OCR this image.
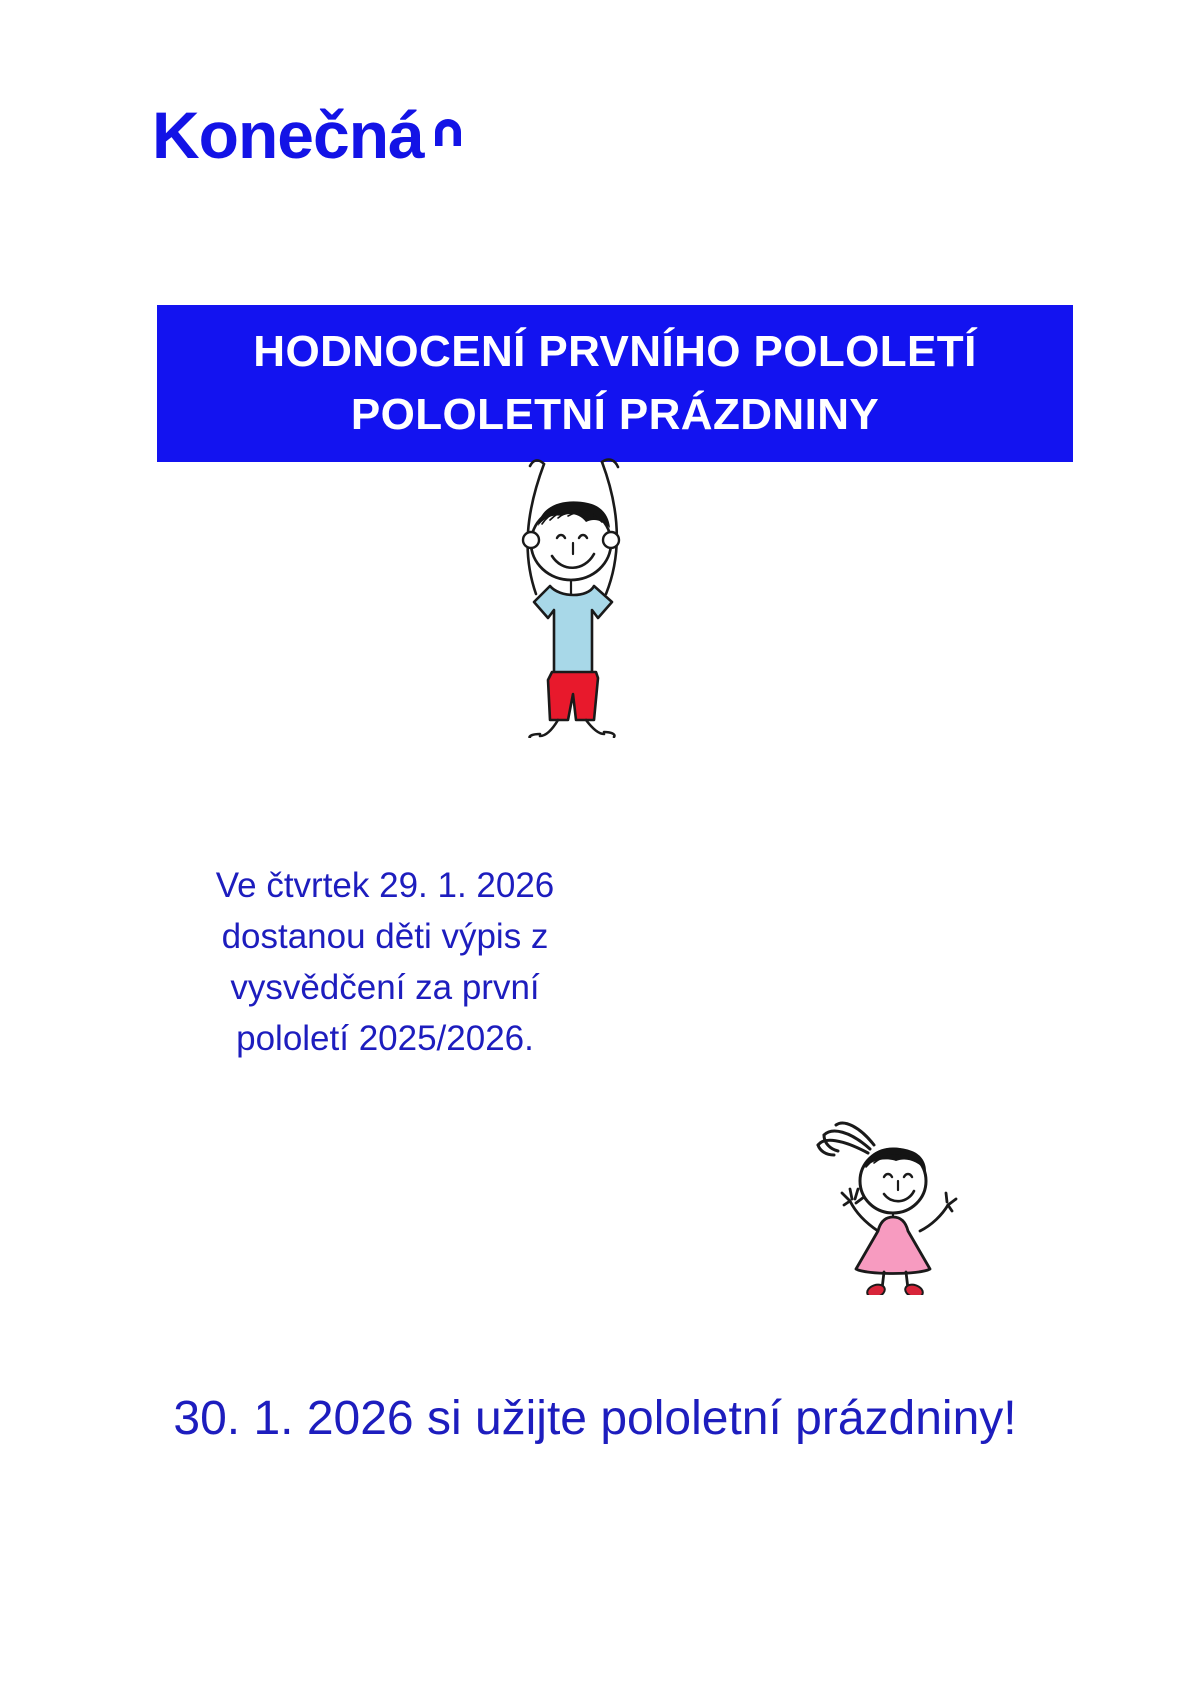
Konečná
HODNOCENÍ PRVNÍHO POLOLETÍ
POLOLETNÍ PRÁZDNINY
Ve čtvrtek 29. 1. 2026
dostanou děti výpis z
vysvědčení za první
pololetí 2025/2026.
30. 1. 2026 si užijte pololetní prázdniny!
